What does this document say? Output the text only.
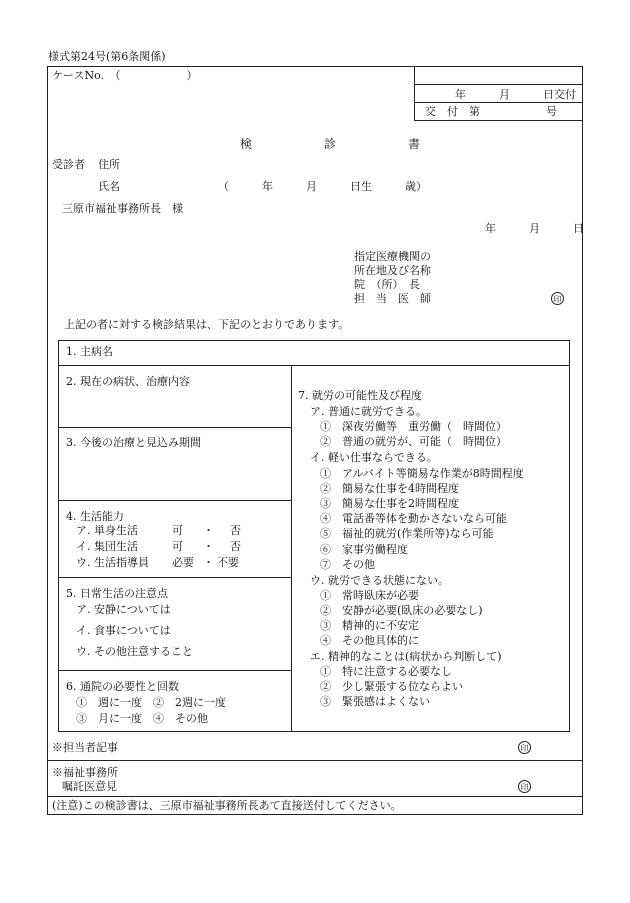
様式第24号(第6条関係)
ケースNo.　（　　　　　　）
年　　　月　　　日交付
交　付　第　　　　　　号
検　　　　　　診　　　　　　書
受診者 住所
氏名	（　　　年　　　月　　　日生　　　歳）
三原市福祉事務所長　様
年　　　月　　　日
指定医療機関の
所在地及び名称
院　（所）　長
担　当　医　師	印
上記の者に対する検診結果は、下記のとおりであります。
1. 主病名
2. 現在の病状、治療内容
3. 今後の治療と見込み期間
4. 生活能力
ア. 単身生活	可 ・ 否
イ. 集団生活	可 ・ 否
ウ. 生活指導員 必要 ・ 不要
5. 日常生活の注意点
ア. 安静については
イ. 食事については
ウ. その他注意すること
6. 通院の必要性と回数
①　週に一度　②　2週に一度
③　月に一度　④　その他
7. 就労の可能性及び程度
ア. 普通に就労できる。
①　深夜労働等　重労働（　時間位）
②　普通の就労が、可能（　時間位）
イ. 軽い仕事ならできる。
①　アルバイト等簡易な作業が8時間程度
②　簡易な仕事を4時間程度
③　簡易な仕事を2時間程度
④　電話番等体を動かさないなら可能
⑤　福祉的就労(作業所等)なら可能
⑥　家事労働程度
⑦　その他
ウ. 就労できる状態にない。
①　常時臥床が必要
②　安静が必要(臥床の必要なし)
③　精神的に不安定
④　その他具体的に
エ. 精神的なことは(病状から判断して)
①　特に注意する必要なし
②　少し緊張する位ならよい
③　緊張感はよくない
※担当者記事	印
※福祉事務所
嘱託医意見	印
(注意)この検診書は、三原市福祉事務所長あて直接送付してください。
